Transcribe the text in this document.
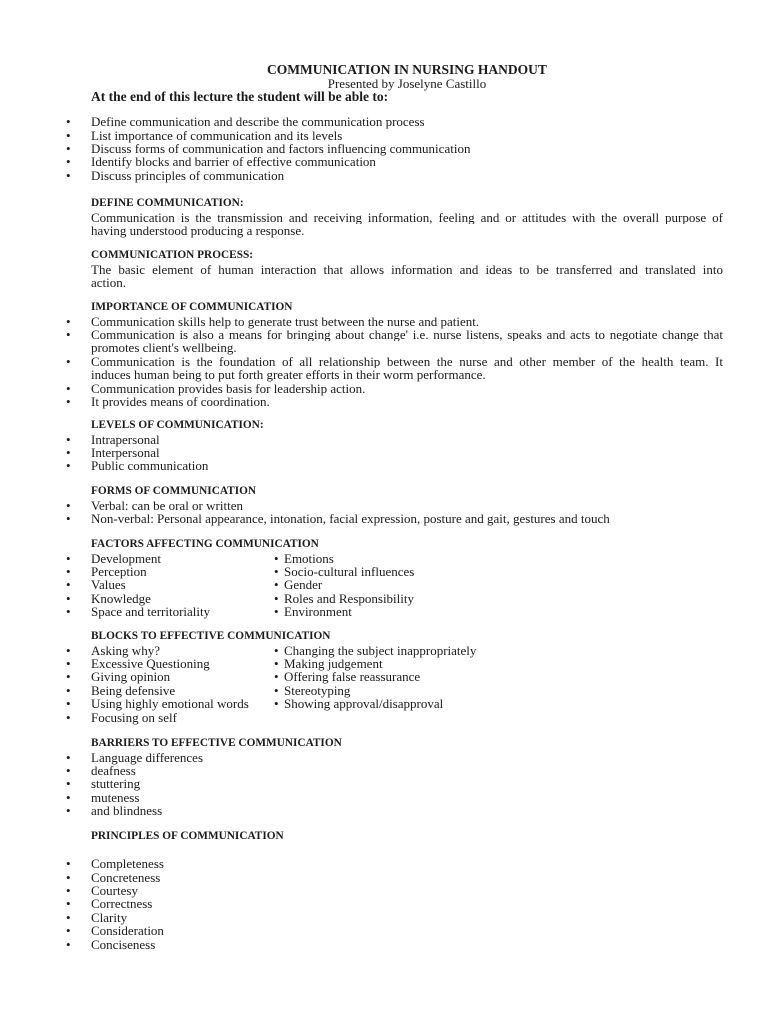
COMMUNICATION IN NURSING HANDOUT
Presented by Joselyne Castillo
At the end of this lecture the student will be able to:
• Define communication and describe the communication process
• List importance of communication and its levels
• Discuss forms of communication and factors influencing communication
• Identify blocks and barrier of effective communication
• Discuss principles of communication
DEFINE COMMUNICATION:
Communication is the transmission and receiving information, feeling and or attitudes with the overall purpose of
having understood producing a response.
COMMUNICATION PROCESS:
The basic element of human interaction that allows information and ideas to be transferred and translated into
action.
IMPORTANCE OF COMMUNICATION
• Communication skills help to generate trust between the nurse and patient.
• Communication is also a means for bringing about change' i.e. nurse listens, speaks and acts to negotiate change that
promotes client's wellbeing.
• Communication is the foundation of all relationship between the nurse and other member of the health team. It
induces human being to put forth greater efforts in their worm performance.
• Communication provides basis for leadership action.
• It provides means of coordination.
LEVELS OF COMMUNICATION:
• Intrapersonal
• Interpersonal
• Public communication
FORMS OF COMMUNICATION
• Verbal: can be oral or written
• Non-verbal: Personal appearance, intonation, facial expression, posture and gait, gestures and touch
FACTORS AFFECTING COMMUNICATION
• Development
• Perception
• Values
• Knowledge
• Space and territoriality
• Emotions
• Socio-cultural influences
• Gender
• Roles and Responsibility
• Environment
BLOCKS TO EFFECTIVE COMMUNICATION
• Asking why?
• Excessive Questioning
• Giving opinion
• Being defensive
• Using highly emotional words
• Focusing on self
• Changing the subject inappropriately
• Making judgement
• Offering false reassurance
• Stereotyping
• Showing approval/disapproval
BARRIERS TO EFFECTIVE COMMUNICATION
• Language differences
• deafness
• stuttering
• muteness
• and blindness
PRINCIPLES OF COMMUNICATION
• Completeness
• Concreteness
• Courtesy
• Correctness
• Clarity
• Consideration
• Conciseness
